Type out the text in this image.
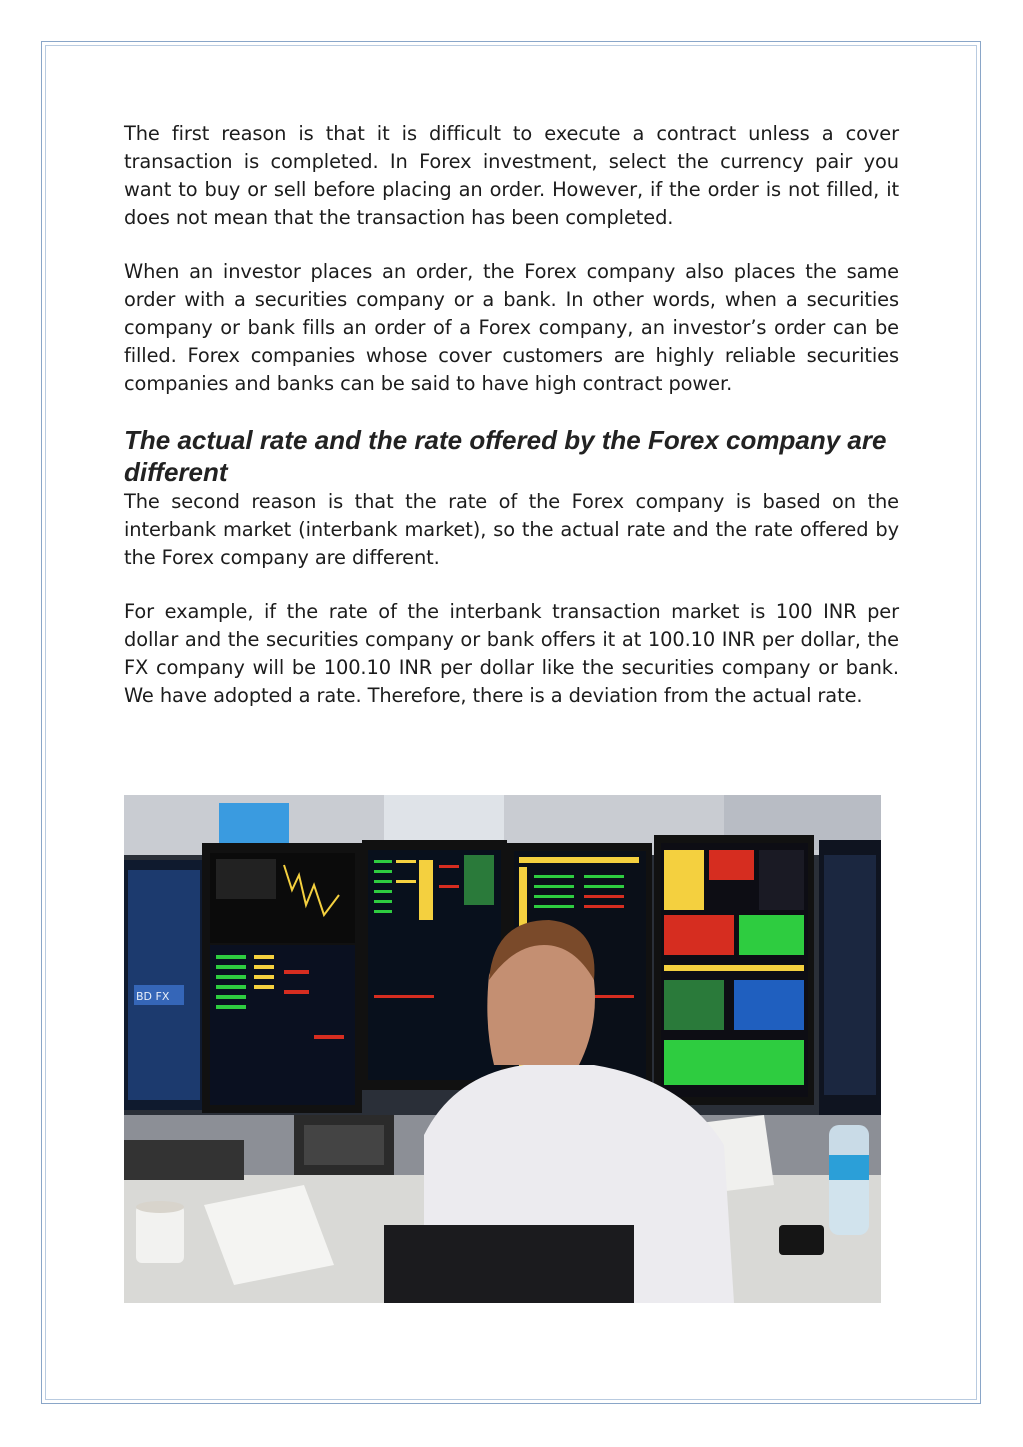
The first reason is that it is difficult to execute a contract unless a cover transaction is completed. In Forex investment, select the currency pair you want to buy or sell before placing an order. However, if the order is not filled, it does not mean that the transaction has been completed.

When an investor places an order, the Forex company also places the same order with a securities company or a bank. In other words, when a securities company or bank fills an order of a Forex company, an investor’s order can be filled. Forex companies whose cover customers are highly reliable securities companies and banks can be said to have high contract power.

The actual rate and the rate offered by the Forex company are different

The second reason is that the rate of the Forex company is based on the interbank market (interbank market), so the actual rate and the rate offered by the Forex company are different.

For example, if the rate of the interbank transaction market is 100 INR per dollar and the securities company or bank offers it at 100.10 INR per dollar, the FX company will be 100.10 INR per dollar like the securities company or bank. We have adopted a rate. Therefore, there is a deviation from the actual rate.

BD FX
